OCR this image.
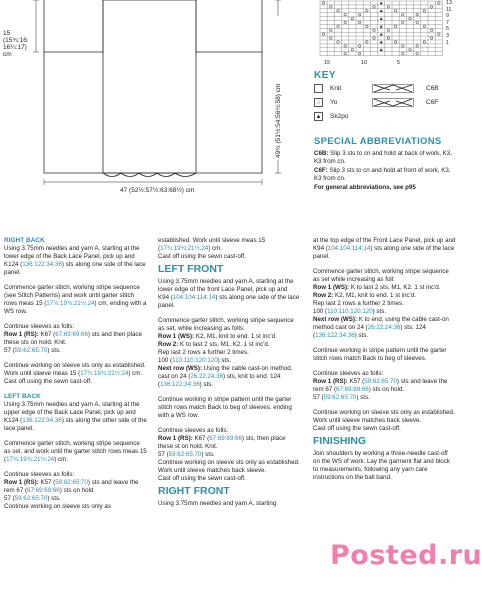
15 (15¾:16:
16¼:17) cm
49½ (51½:54:56½:58) cm
47 (52½:57½:63:68½) cm
13
11
9
7
5
3
1
15	10	5
KEY
Knit
○	Yo
▲ Sk2po
C6B
C6F
SPECIAL ABBREVIATIONS
C6B: Slip 3 sts to cn and hold at back of work, K3, K3 from cn.
C6F: Slip 3 sts to cn and hold at front of work, K3, K3 from cn.
For general abbreviations, see p95
RIGHT BACK

Using 3.75mm needles and yarn A, starting at the lower edge of the Back Lace Panel, pick up and K124 (136:122:34:36) sts along one side of the lace panel.

Commence garter stitch, working stripe sequence (see Stitch Patterns) and work until garter stitch rows meas 15 (17¾:19¾:21½:24) cm, ending with a WS row.

Continue sleeves as folls:

Row 1 (RS): K67 (67:69:69:66) sts and then place these sts on hold. Knit.

57 (59:62:65:70) sts.

Continue working on sleeve sts only as established. Work until sleeve meas 15 (17¾:19¾:21½:24) cm.

Cast off using the sewn cast-off.

LEFT BACK

Using 3.75mm needles and yarn A, starting at the upper edge of the Back Lace Panel, pick up and K124 (136:122:34:36) sts along the other side of the lace panel.

Commence garter stitch, working stripe sequence as set, and work until the garter stitch rows meas 15 (17¾:19¾:21½:24) cm.

Continue sleeves as folls:

Row 1 (RS): K57 (59:62:65:70) sts and leave the rem 67 (67:69:69:66) sts on hold.
57 (59:62:65:70) sts.
Continue working on sleeve sts only as
established. Work until sleeve meas 15 (17¾:19¾:21½:24) cm.
Cast off using the sewn cast-off.
LEFT FRONT

Using 3.75mm needles and yarn A, starting at the lower edge of the front Lace Panel, pick up and K94 (104:104:114:14) sts along one side of the lace panel.

Commence garter stitch, working stripe sequence as set, while increasing as folls:
Row 1 (WS): K2, M1, knit to end. 1 st inc'd.
Row 2: K to last 2 sts, M1, K2. 1 st inc'd.
Rep last 2 rows a further 2 times.
100 (110:110:120:120) sts.

Next row (WS): Using the cable cast-on method, cast on 24 (26:22:24:36) sts, knit to end. 124 (136:122:34:36) sts.

Continue working in stripe pattern until the garter stitch rows match Back to beg of sleeves, ending with a WS row.

Continue sleeves as folls:
Row 1 (RS): K67 (67:69:69:66) sts, then place these st on hold. Knit.
57 (59:62:65:70) sts.
Continue working on sleeve sts only as established. Work until sleeve matches back sleeve.
Cast off using the sewn cast-off.
RIGHT FRONT
Using 3.75mm needles and yarn A, starting

at the top edge of the Front Lace Panel, pick up and K94 (104:104:114:14) sts along one side of the lace panel.

Commence garter stitch, working stripe sequence as set while increasing as foll:
Row 1 (WS): K to last 2 sts, M1, K2. 1 st inc'd.
Row 2: K2, M1, knit to end. 1 st inc'd.
Rep last 2 rows a further 2 times.
100 (110:110:120:120) sts.

Next row (WS): K to end, using the cable cast-on method cast on 24 (26:22:24:36) sts. 124 (136:122:34:36) sts.

Continue working in stripe pattern until the garter stitch rows match Back to beg of sleeves.

Continue sleeves as folls:
Row 1 (RS): K57 (59:62:65:70) sts and leave the rem 67 (67:69:69:66) sts on hold.

57 (59:62:65:70) sts.

Continue working on sleeve sts only as established. Work until sleeve matches back sleeve.
Cast off using the sewn cast-off.
FINISHING
Join shoulders by working a three-needle cast-off on the WS of work. Lay the garment flat and block to measurements, following any yarn care instructions on the ball band.
Posted.ru
